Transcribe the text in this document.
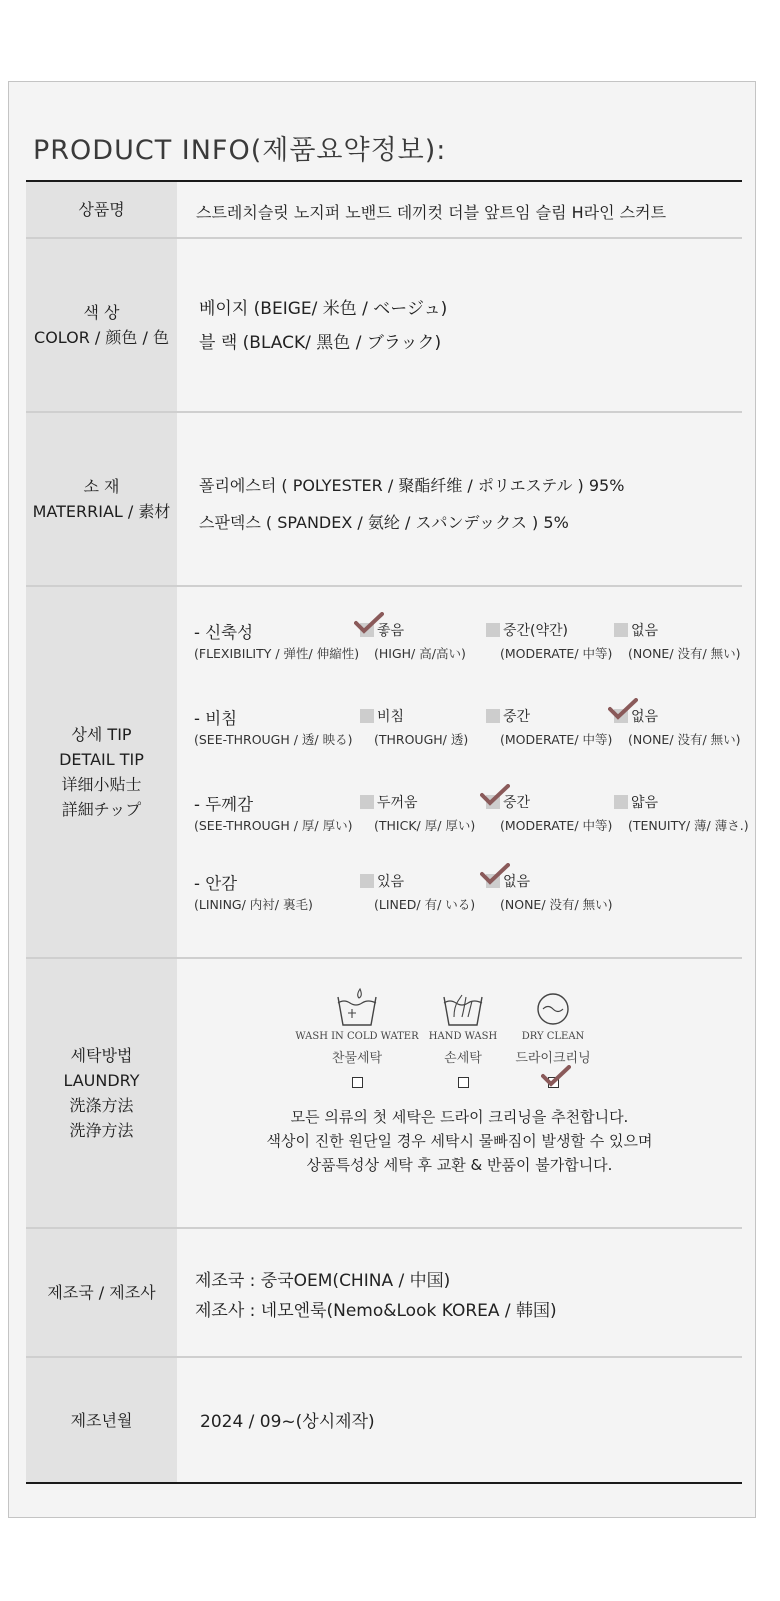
PRODUCT INFO(제품요약정보):
상품명	스트레치슬릿 노지퍼 노밴드 데끼컷 더블 앞트임 슬림 H라인 스커트
색 상
COLOR / 颜色 / 色
베이지 (BEIGE/ 米色 / ベージュ)
블 랙 (BLACK/ 黑色 / ブラック)
소 재
MATERRIAL / 素材
폴리에스터 ( POLYESTER / 聚酯纤维 / ポリエステル ) 95%
스판덱스 ( SPANDEX / 氨纶 / スパンデックス ) 5%
상세 TIP
DETAIL TIP
详细小贴士
詳細チップ
- 신축성
(FLEXIBILITY / 弹性/ 伸縮性)
좋음
(HIGH/ 高/高い)
중간(약간)
(MODERATE/ 中等)
없음
(NONE/ 没有/ 無い)
- 비침
(SEE-THROUGH / 透/ 映る)
비침
(THROUGH/ 透)
중간
(MODERATE/ 中等)
없음
(NONE/ 没有/ 無い)
- 두께감
(SEE-THROUGH / 厚/ 厚い)
두꺼움
(THICK/ 厚/ 厚い)
중간
(MODERATE/ 中等)
얇음
(TENUITY/ 薄/ 薄さ.)
- 안감
(LINING/ 内衬/ 裏毛)
있음
(LINED/ 有/ いる)
없음
(NONE/ 没有/ 無い)
세탁방법
LAUNDRY
洗涤方法
洗浄方法
WASH IN COLD WATER
찬물세탁
HAND WASH
손세탁
DRY CLEAN
드라이크리닝
모든 의류의 첫 세탁은 드라이 크리닝을 추천합니다.
색상이 진한 원단일 경우 세탁시 물빠짐이 발생할 수 있으며
상품특성상 세탁 후 교환 & 반품이 불가합니다.
제조국 / 제조사
제조국 : 중국OEM(CHINA / 中国)
제조사 : 네모엔룩(Nemo&Look KOREA / 韩国)
제조년월	2024 / 09~(상시제작)
